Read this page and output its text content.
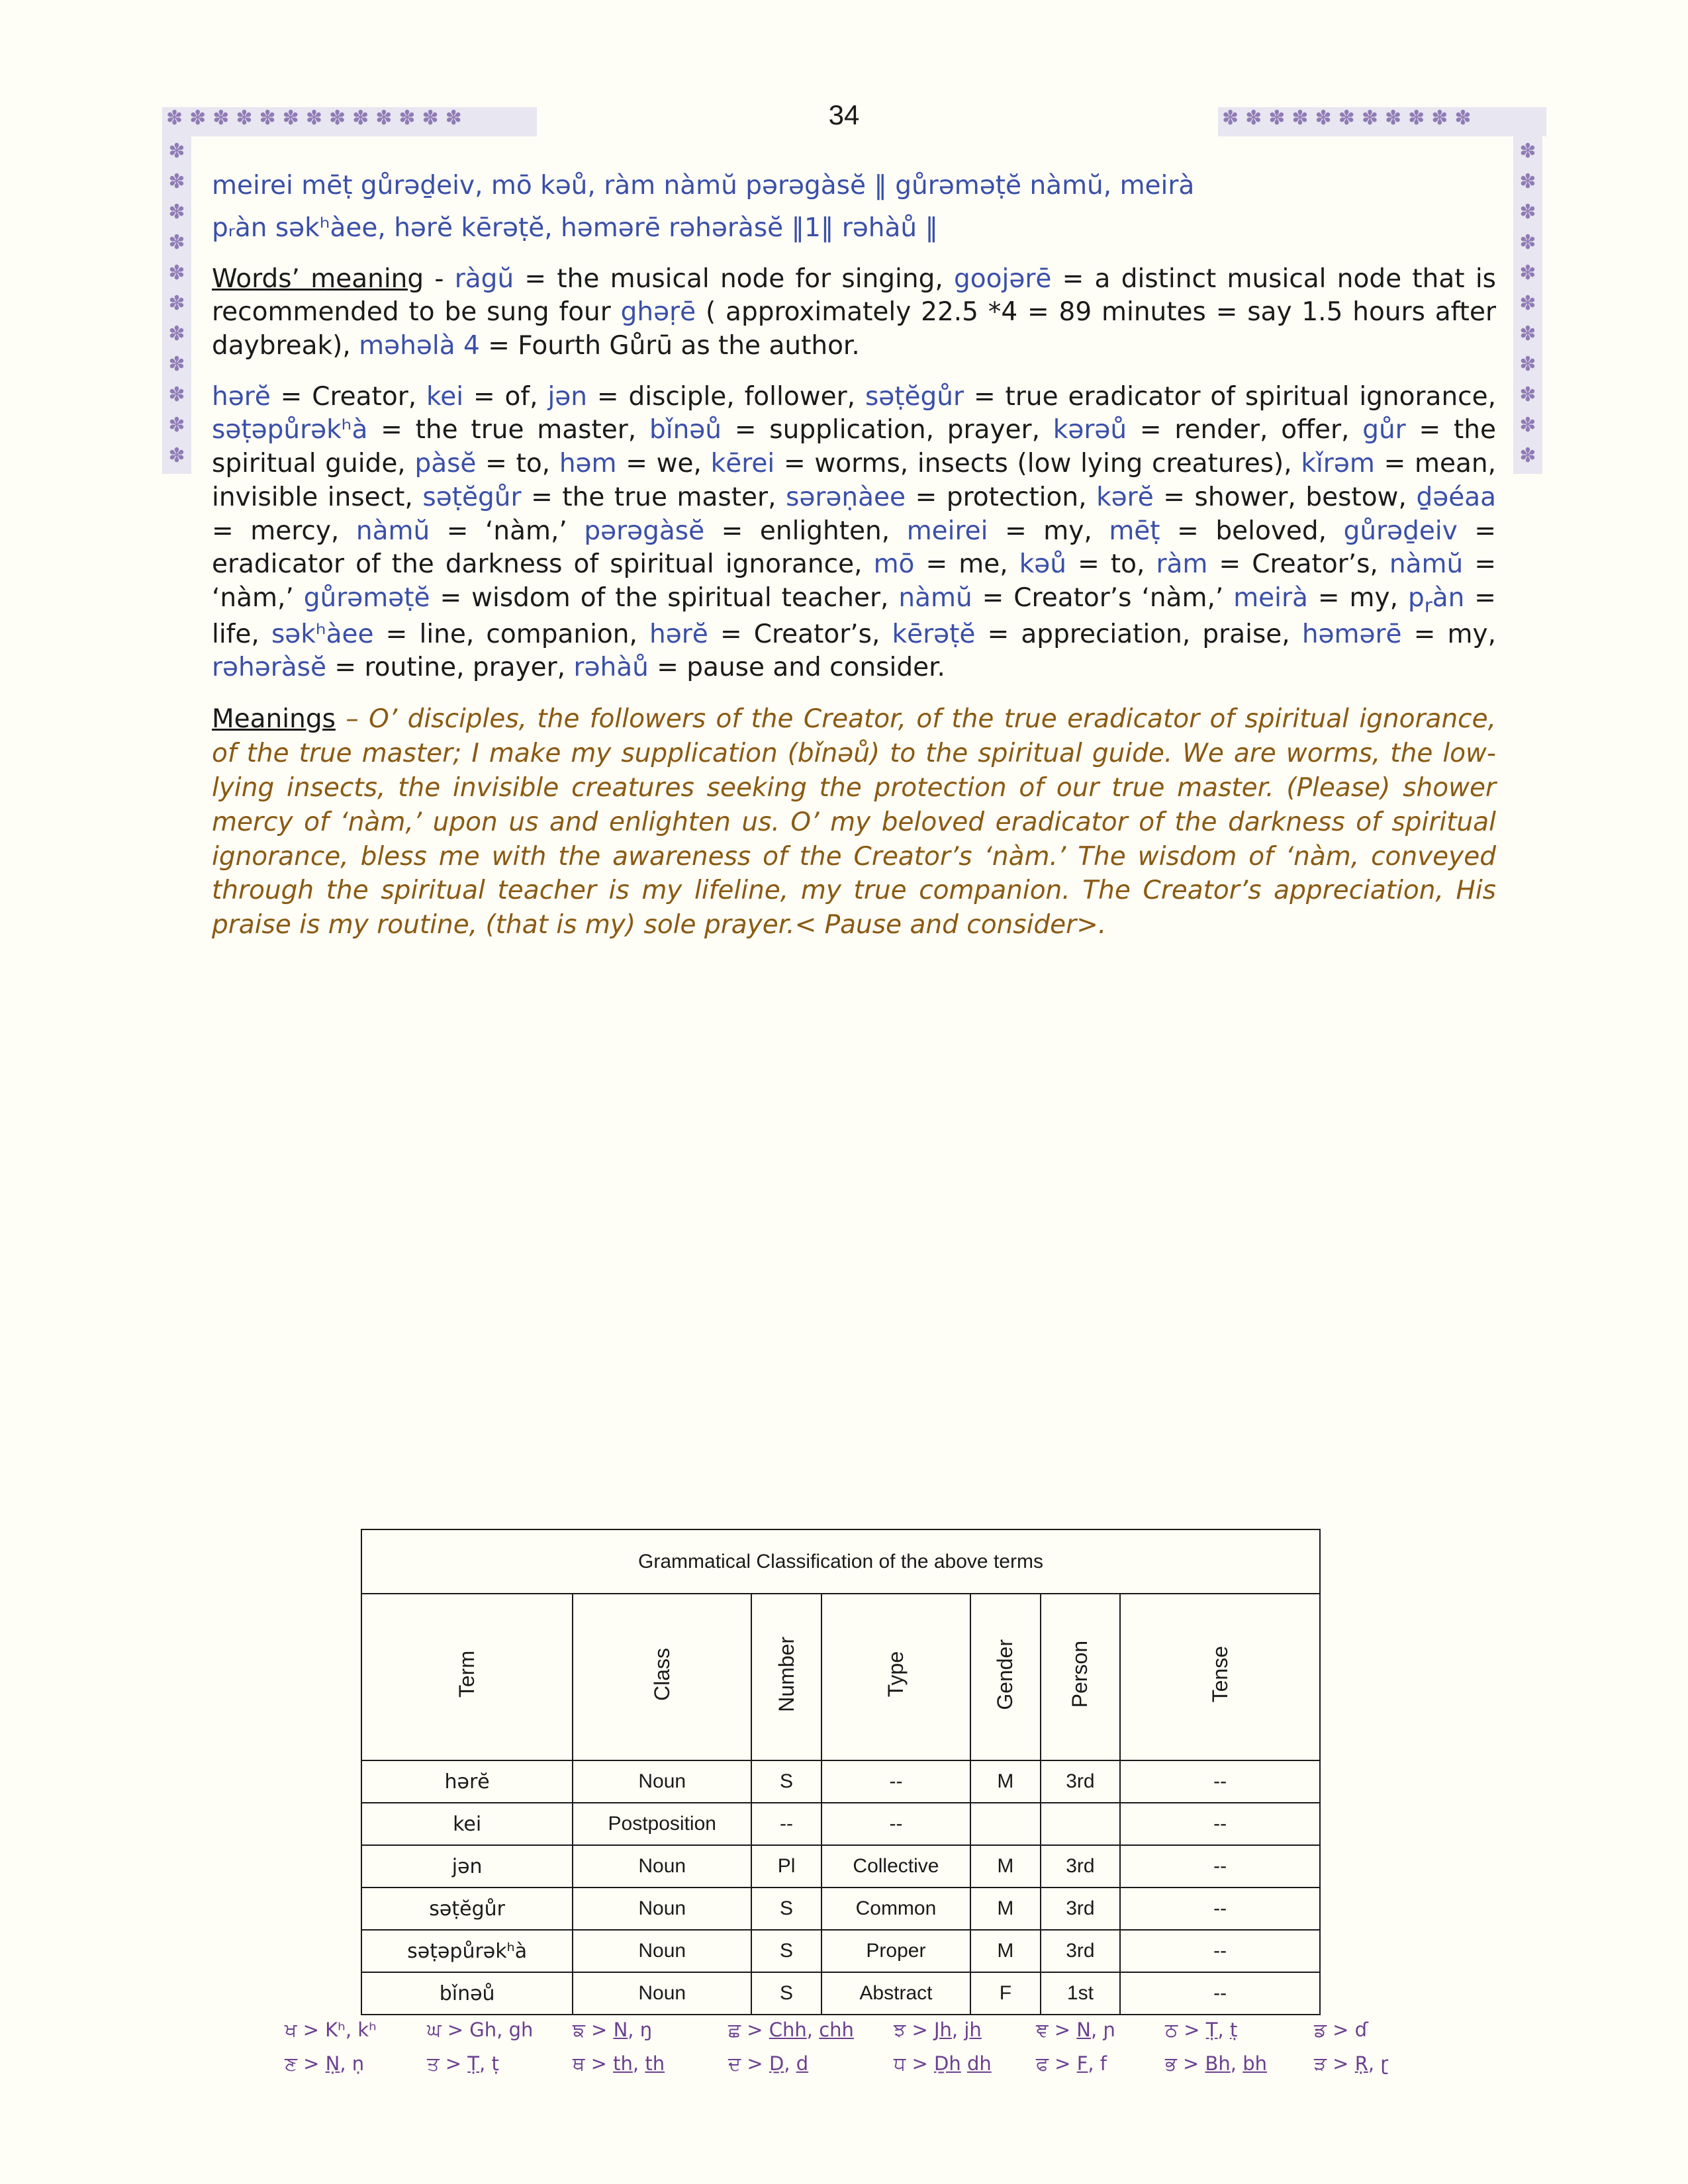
34
✽✽✽✽✽✽✽✽✽✽✽✽✽	✽✽✽✽✽✽✽✽✽✽✽
✽
✽
✽
✽
✽
✽
✽
✽
✽
✽
✽
✽
✽
✽
✽
✽
✽
✽
✽
✽
✽
✽

meirei mēṭ gůrəḏeiv, mō kəů, ràm nàmŭ pərəgàsĕ ‖ gůrəməṭĕ nàmŭ, meirà

pᵣàn səkʰàee, hərĕ kērəṭĕ, həmərē rəhəràsĕ ‖1‖ rəhàů ‖

Words’ meaning - ràgŭ = the musical node for singing, goojərē = a distinct musical node that is recommended to be sung four ghəṛē ( approximately 22.5 *4 = 89 minutes = say 1.5 hours after daybreak), məhəlà 4 = Fourth Gůrū as the author.

hərĕ = Creator, kei = of, jən = disciple, follower, səṭĕgůr = true eradicator of spiritual ignorance, səṭəpůrəkʰà = the true master, bǐnəů = supplication, prayer, kərəů = render, offer, gůr = the spiritual guide, pàsĕ = to, həm = we, kērei = worms, insects (low lying creatures), kǐrəm = mean, invisible insect, səṭĕgůr = the true master, sərəṇàee = protection, kərĕ = shower, bestow, ḏəéaa = mercy, nàmŭ = ‘nàm,’ pərəgàsĕ = enlighten, meirei = my, mēṭ = beloved, gůrəḏeiv = eradicator of the darkness of spiritual ignorance, mō = me, kəů = to, ràm = Creator’s, nàmŭ = ‘nàm,’ gůrəməṭĕ = wisdom of the spiritual teacher, nàmŭ = Creator’s ‘nàm,’ meirà = my, $p_ràn$ = life, səkʰàee = line, companion, hərĕ = Creator’s, kērəṭĕ = appreciation, praise, həmərē = my, rəhəràsĕ = routine, prayer, rəhàů = pause and consider.

Meanings – O’ disciples, the followers of the Creator, of the true eradicator of spiritual ignorance, of the true master; I make my supplication (bǐnəů) to the spiritual guide. We are worms, the low-lying insects, the invisible creatures seeking the protection of our true master. (Please) shower mercy of ‘nàm,’ upon us and enlighten us. O’ my beloved eradicator of the darkness of spiritual ignorance, bless me with the awareness of the Creator’s ‘nàm.’ The wisdom of ‘nàm, conveyed through the spiritual teacher is my lifeline, my true companion. The Creator’s appreciation, His praise is my routine, (that is my) sole prayer.< Pause and consider>.

Grammatical Classification of the above terms						
Term	Class	Number	Type	Gender	Person	Tense
hərĕ	Noun	S	--	M	3rd	--
kei	Postposition	--	--			--
jən	Noun	Pl	Collective	M	3rd	--
səṭĕgůr	Noun	S	Common	M	3rd	--
səṭəpůrəkʰà	Noun	S	Proper	M	3rd	--
bǐnəů	Noun	S	Abstract	F	1st	--
ਖ > Kʰ, kʰ	ਘ > Gh, gh	ਙ > N, ŋ	ਛ > Chh, chh	ਝ > Jh, jh	ਞ > N, ɲ	ਠ > Ṭ, ṭ	ਡ > ɗ
ਣ > Ṇ, ṇ	ਤ > Ṭ, ṭ	ਥ > th, th	ਦ > Ḏ, d	ਧ > Ḏh dh	ਫ > F, f	ਭ > Bh, bh	ੜ > Ṛ, ɽ
